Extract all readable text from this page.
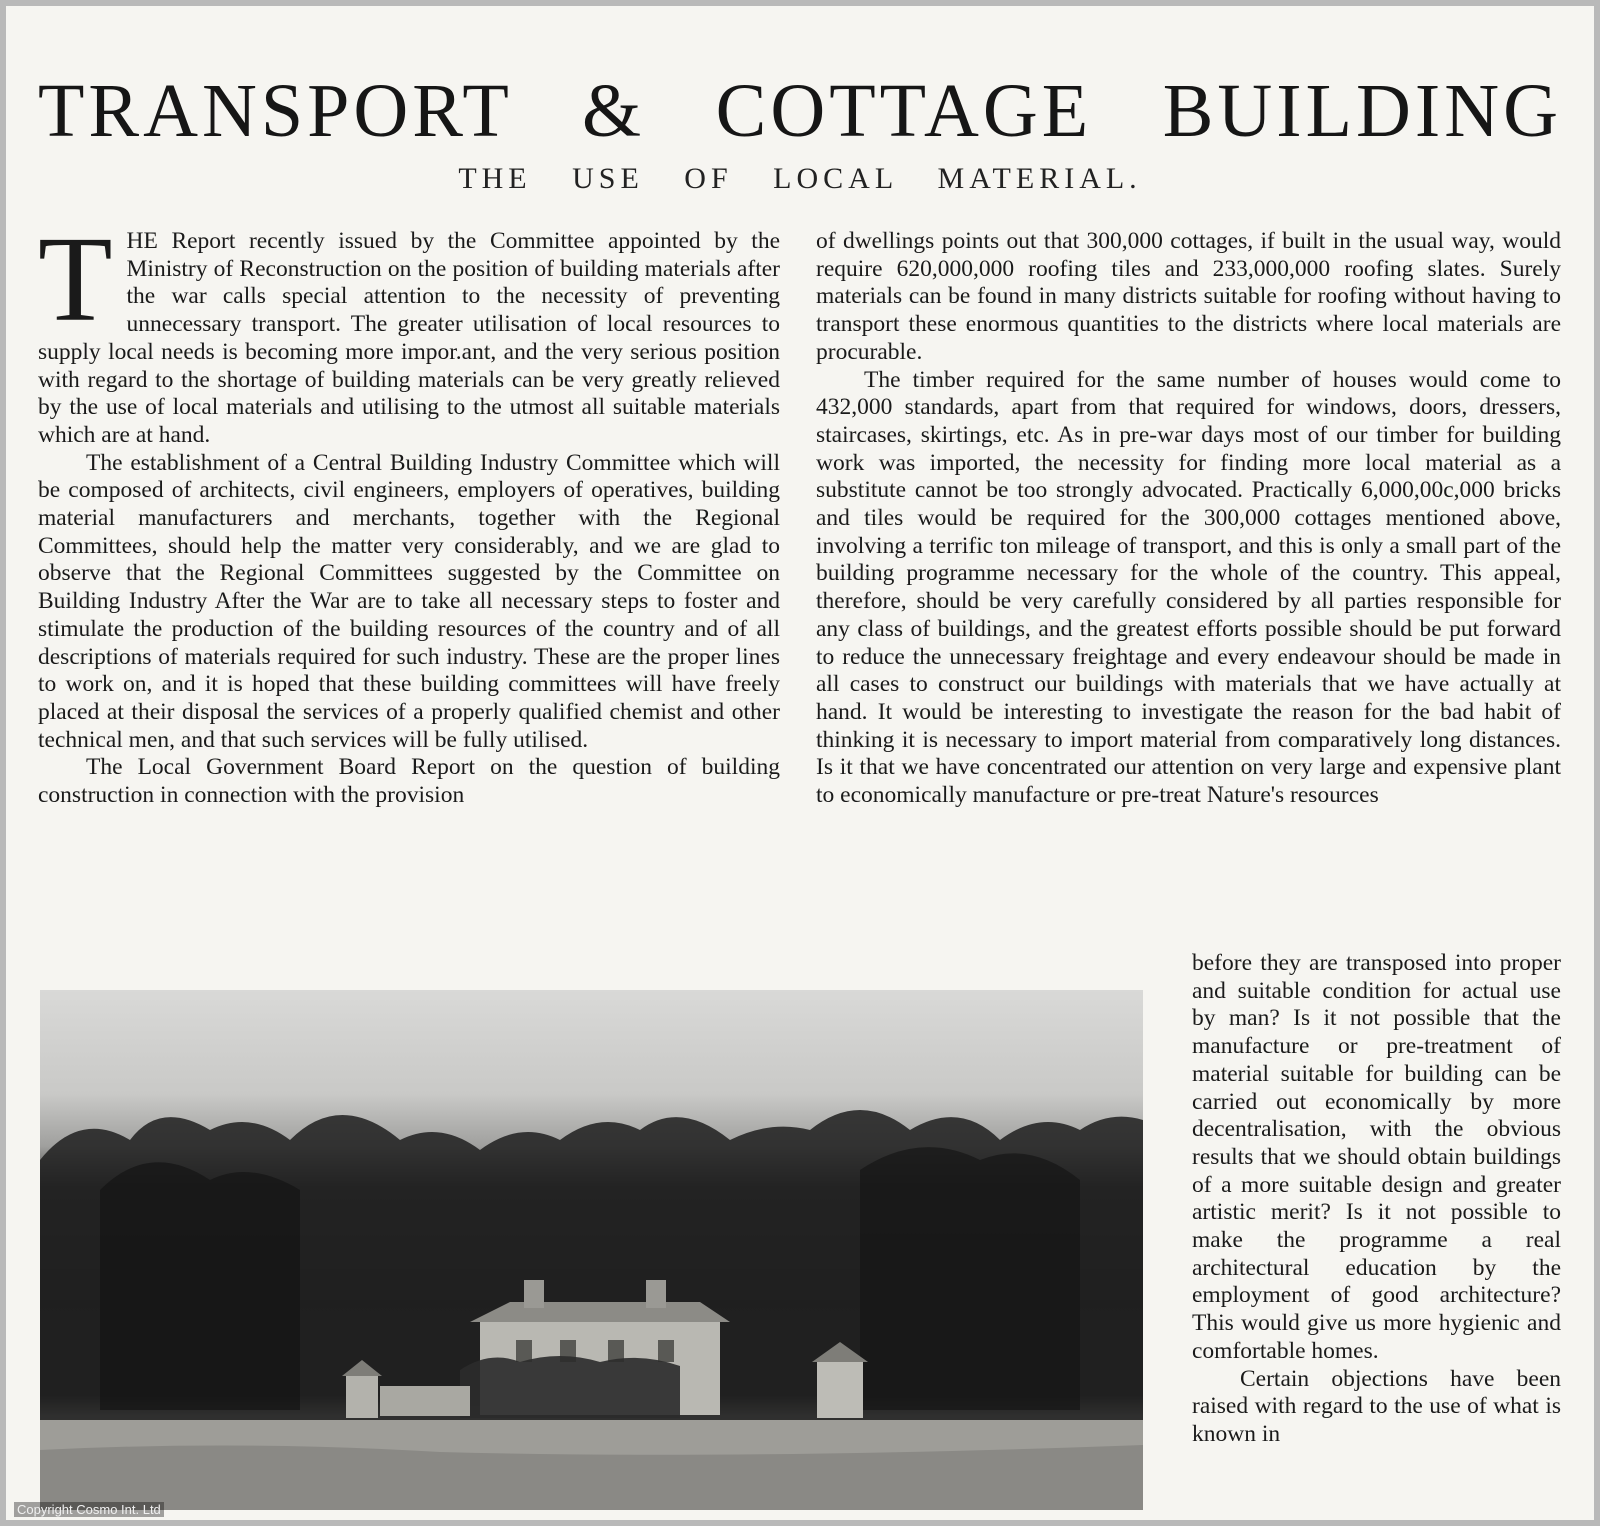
TRANSPORT & COTTAGE BUILDING
THE USE OF LOCAL MATERIAL.

T HE Report recently issued by the Committee appointed by the Ministry of Reconstruction on the position of building materials after the war calls special attention to the necessity of preventing unnecessary transport. The greater utilisation of local resources to supply local needs is becoming more impor.ant, and the very serious position with regard to the shortage of building materials can be very greatly relieved by the use of local materials and utilising to the utmost all suitable materials which are at hand.

The establishment of a Central Building Industry Committee which will be composed of architects, civil engineers, employers of operatives, building material manufacturers and merchants, together with the Regional Committees, should help the matter very considerably, and we are glad to observe that the Regional Committees suggested by the Committee on Building Industry After the War are to take all necessary steps to foster and stimulate the production of the building resources of the country and of all descriptions of materials required for such industry. These are the proper lines to work on, and it is hoped that these building committees will have freely placed at their disposal the services of a properly qualified chemist and other technical men, and that such services will be fully utilised.

The Local Government Board Report on the question of building construction in connection with the provision

of dwellings points out that 300,000 cottages, if built in the usual way, would require 620,000,000 roofing tiles and 233,000,000 roofing slates. Surely materials can be found in many districts suitable for roofing without having to transport these enormous quantities to the districts where local materials are procurable.

The timber required for the same number of houses would come to 432,000 standards, apart from that required for windows, doors, dressers, staircases, skirtings, etc. As in pre-war days most of our timber for building work was imported, the necessity for finding more local material as a substitute cannot be too strongly advocated. Practically 6,000,00c,000 bricks and tiles would be required for the 300,000 cottages mentioned above, involving a terrific ton mileage of transport, and this is only a small part of the building programme necessary for the whole of the country. This appeal, therefore, should be very carefully considered by all parties responsible for any class of buildings, and the greatest efforts possible should be put forward to reduce the unnecessary freightage and every endeavour should be made in all cases to construct our buildings with materials that we have actually at hand. It would be interesting to investigate the reason for the bad habit of thinking it is necessary to import material from comparatively long distances. Is it that we have concentrated our attention on very large and expensive plant to economically manufacture or pre-treat Nature's resources

before they are transposed into proper and suitable condition for actual use by man? Is it not possible that the manufacture or pre-treatment of material suitable for building can be carried out economically by more decentralisation, with the obvious results that we should obtain buildings of a more suitable design and greater artistic merit? Is it not possible to make the programme a real architectural education by the employment of good architecture? This would give us more hygienic and comfortable homes.

Certain objections have been raised with regard to the use of what is known in

Copyright Cosmo Int. Ltd
